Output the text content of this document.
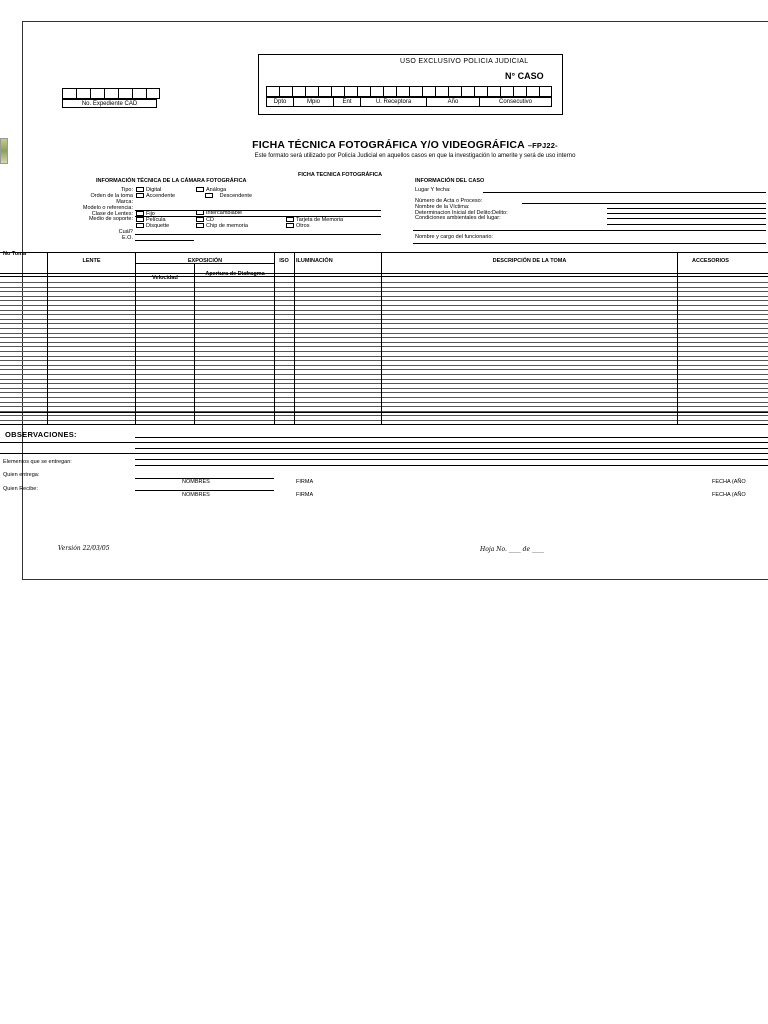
USO EXCLUSIVO POLICIA JUDICIAL
N° CASO
Dpto	Mpio	Ent	U. Receptora	Año	Consecutivo
No. Expediente CAD
FICHA TÉCNICA FOTOGRÁFICA Y/O VIDEOGRÁFICA –FPJ22-
Este formato será utilizado por Policía Judicial en aquellos casos en que la investigación lo amerite y será de uso interno
FICHA TECNICA FOTOGRÁFICA
INFORMACIÓN TÉCNICA DE LA CÁMARA FOTOGRÁFICA
Tipo:	Digital	Análoga
Orden de la toma	Accendente	Descendente
Marca:
Modelo o referencia:
Clase de Lentes:	Fijo	Intercambiable
Medio de soporte:	Película	CD	Tarjeta de Memoria
Disquette	Chip de memoria	Otros
Cuál?
E.O.
INFORMACIÓN DEL CASO
Lugar Y fecha:
Número de Acta o Proceso:
Nombre de la Víctima:
Determinacion Inicial del Delito:Delito:
Condiciones ambientales del lugar:
Nombre y cargo del funcionario:
No Toma
LENTE	EXPOSICIÓN
Velocidad
Apertura de Diafragma
ISO	ILUMINACIÓN	DESCRIPCIÓN DE LA TOMA	ACCESORIOS
OBSERVACIONES:
Elementos que se entregan:
Quien entrega:
NOMBRES	FIRMA	FECHA (AÑO
Quien Recibe:
NOMBRES	FIRMA	FECHA (AÑO
Versión 22/03/05	Hoja No. ____ de ____
